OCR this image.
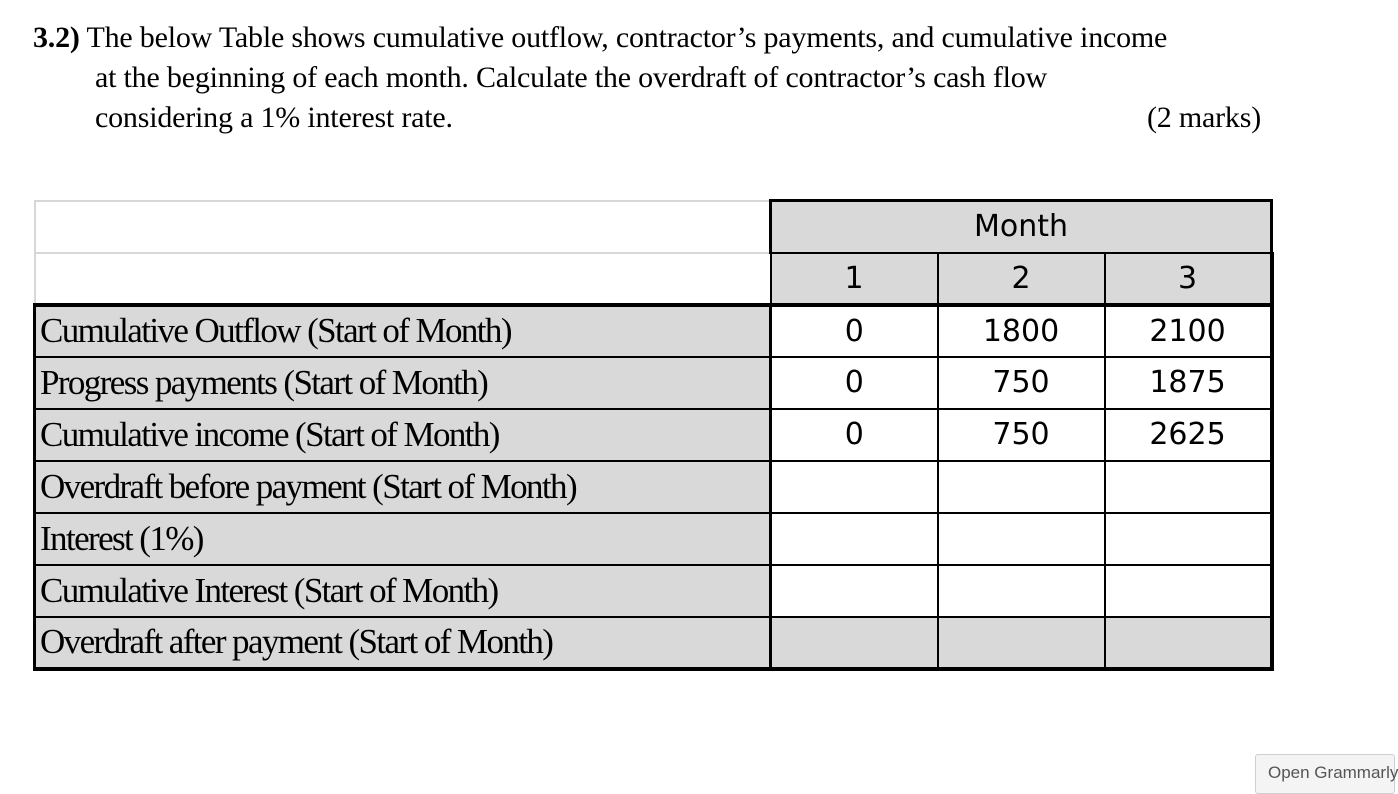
3.2) The below Table shows cumulative outflow, contractor’s payments, and cumulative income
at the beginning of each month. Calculate the overdraft of contractor’s cash flow
considering a 1% interest rate.	(2 marks)
	Month		
	1	2	3
Cumulative Outflow (Start of Month)	0	1800	2100
Progress payments (Start of Month)	0	750	1875
Cumulative income (Start of Month)	0	750	2625
Overdraft before payment (Start of Month)			
Interest (1%)			
Cumulative Interest (Start of Month)			
Overdraft after payment (Start of Month)			
Open Grammarly
